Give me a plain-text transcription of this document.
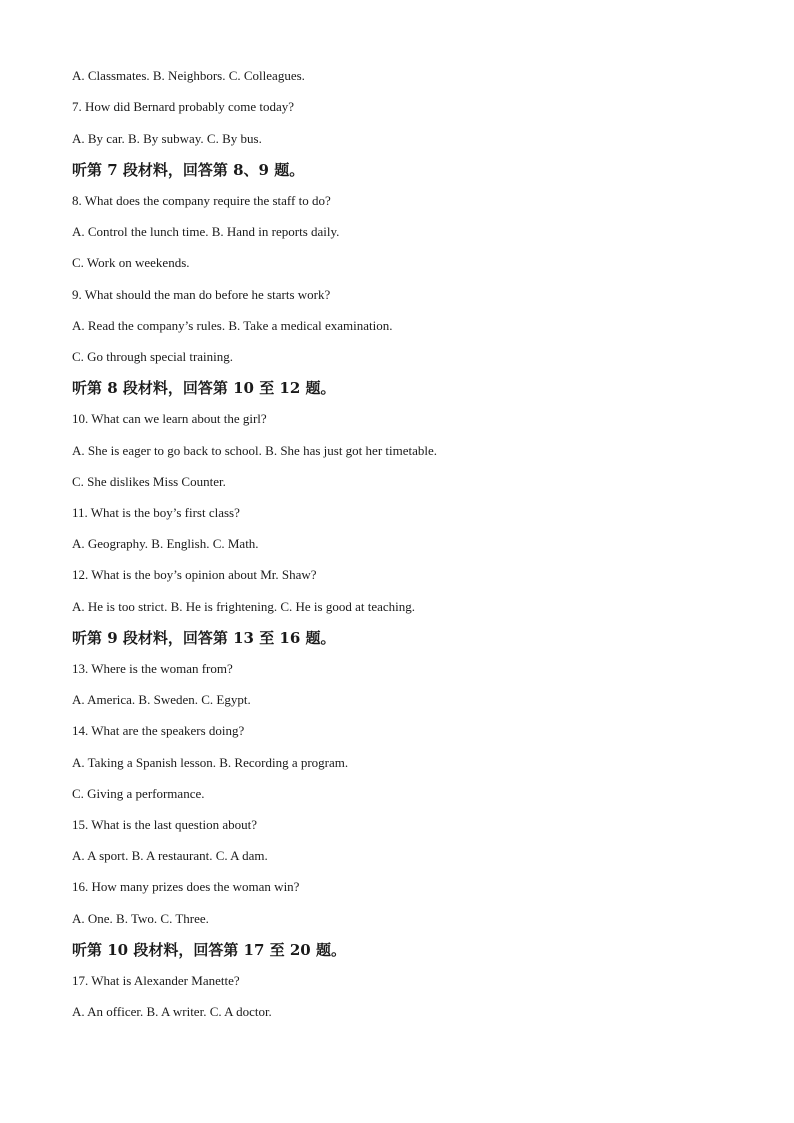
A. Classmates. B. Neighbors. C. Colleagues.
7. How did Bernard probably come today?
A. By car. B. By subway. C. By bus.
听第 7 段材料，回答第 8、9 题。
8. What does the company require the staff to do?
A. Control the lunch time. B. Hand in reports daily.
C. Work on weekends.
9. What should the man do before he starts work?
A. Read the company’s rules. B. Take a medical examination.
C. Go through special training.
听第 8 段材料，回答第 10 至 12 题。
10. What can we learn about the girl?
A. She is eager to go back to school. B. She has just got her timetable.
C. She dislikes Miss Counter.
11. What is the boy’s first class?
A. Geography. B. English. C. Math.
12. What is the boy’s opinion about Mr. Shaw?
A. He is too strict. B. He is frightening. C. He is good at teaching.
听第 9 段材料，回答第 13 至 16 题。
13. Where is the woman from?
A. America. B. Sweden. C. Egypt.
14. What are the speakers doing?
A. Taking a Spanish lesson. B. Recording a program.
C. Giving a performance.
15. What is the last question about?
A. A sport. B. A restaurant. C. A dam.
16. How many prizes does the woman win?
A. One. B. Two. C. Three.
听第 10 段材料，回答第 17 至 20 题。
17. What is Alexander Manette?
A. An officer. B. A writer. C. A doctor.
